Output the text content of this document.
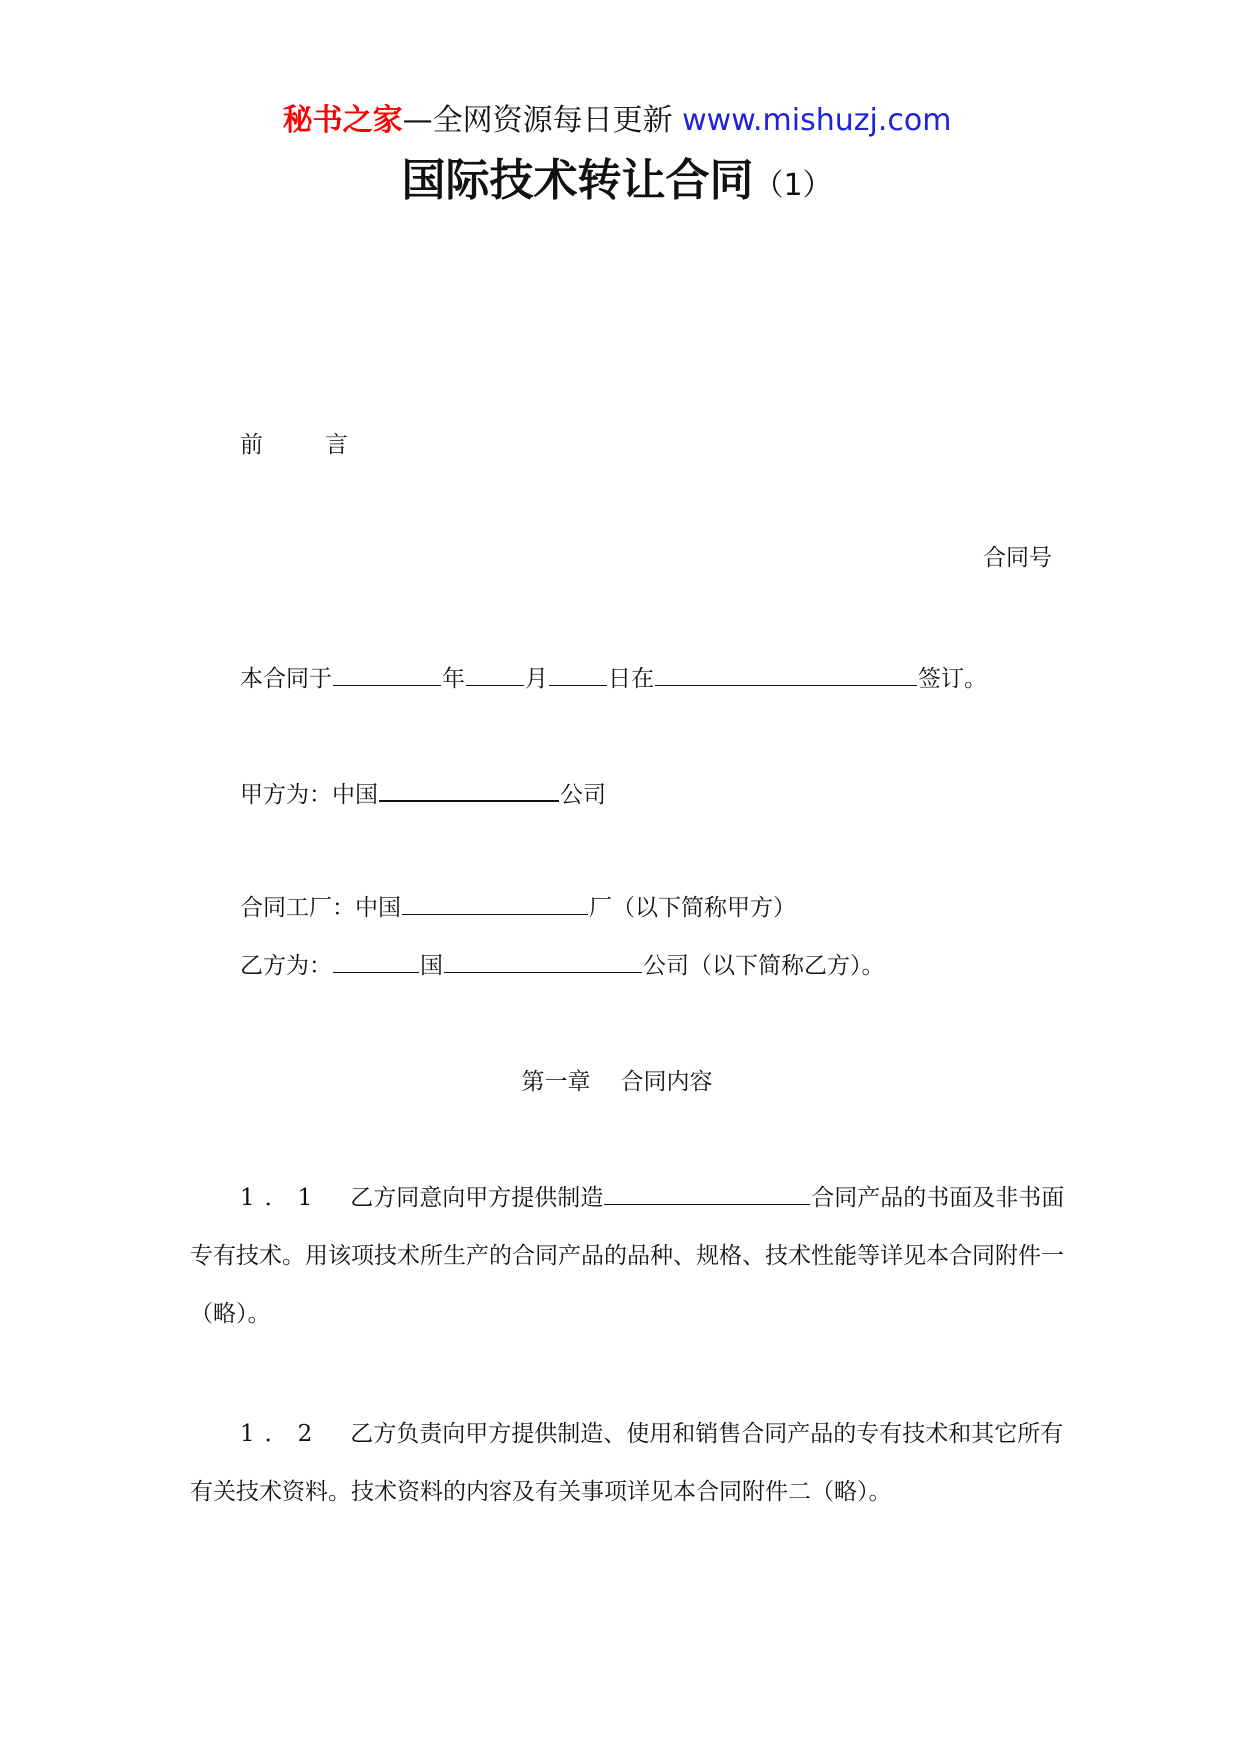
秘书之家—全网资源每日更新 www.mishuzj.com
国际技术转让合同（1）
前	言
合同号
本合同于	年	月	日在	签订。
甲方为：中国	公司
合同工厂：中国	厂（以下简称甲方）
乙方为：	国	公司（以下简称乙方）。
第一章 合同内容
1．1 乙方同意向甲方提供制造	合同产品的书面及非书面专有技术。用该项技术所生产的合同产品的品种、规格、技术性能等详见本合同附件一（略）。
1．2 乙方负责向甲方提供制造、使用和销售合同产品的专有技术和其它所有有关技术资料。技术资料的内容及有关事项详见本合同附件二（略）。
